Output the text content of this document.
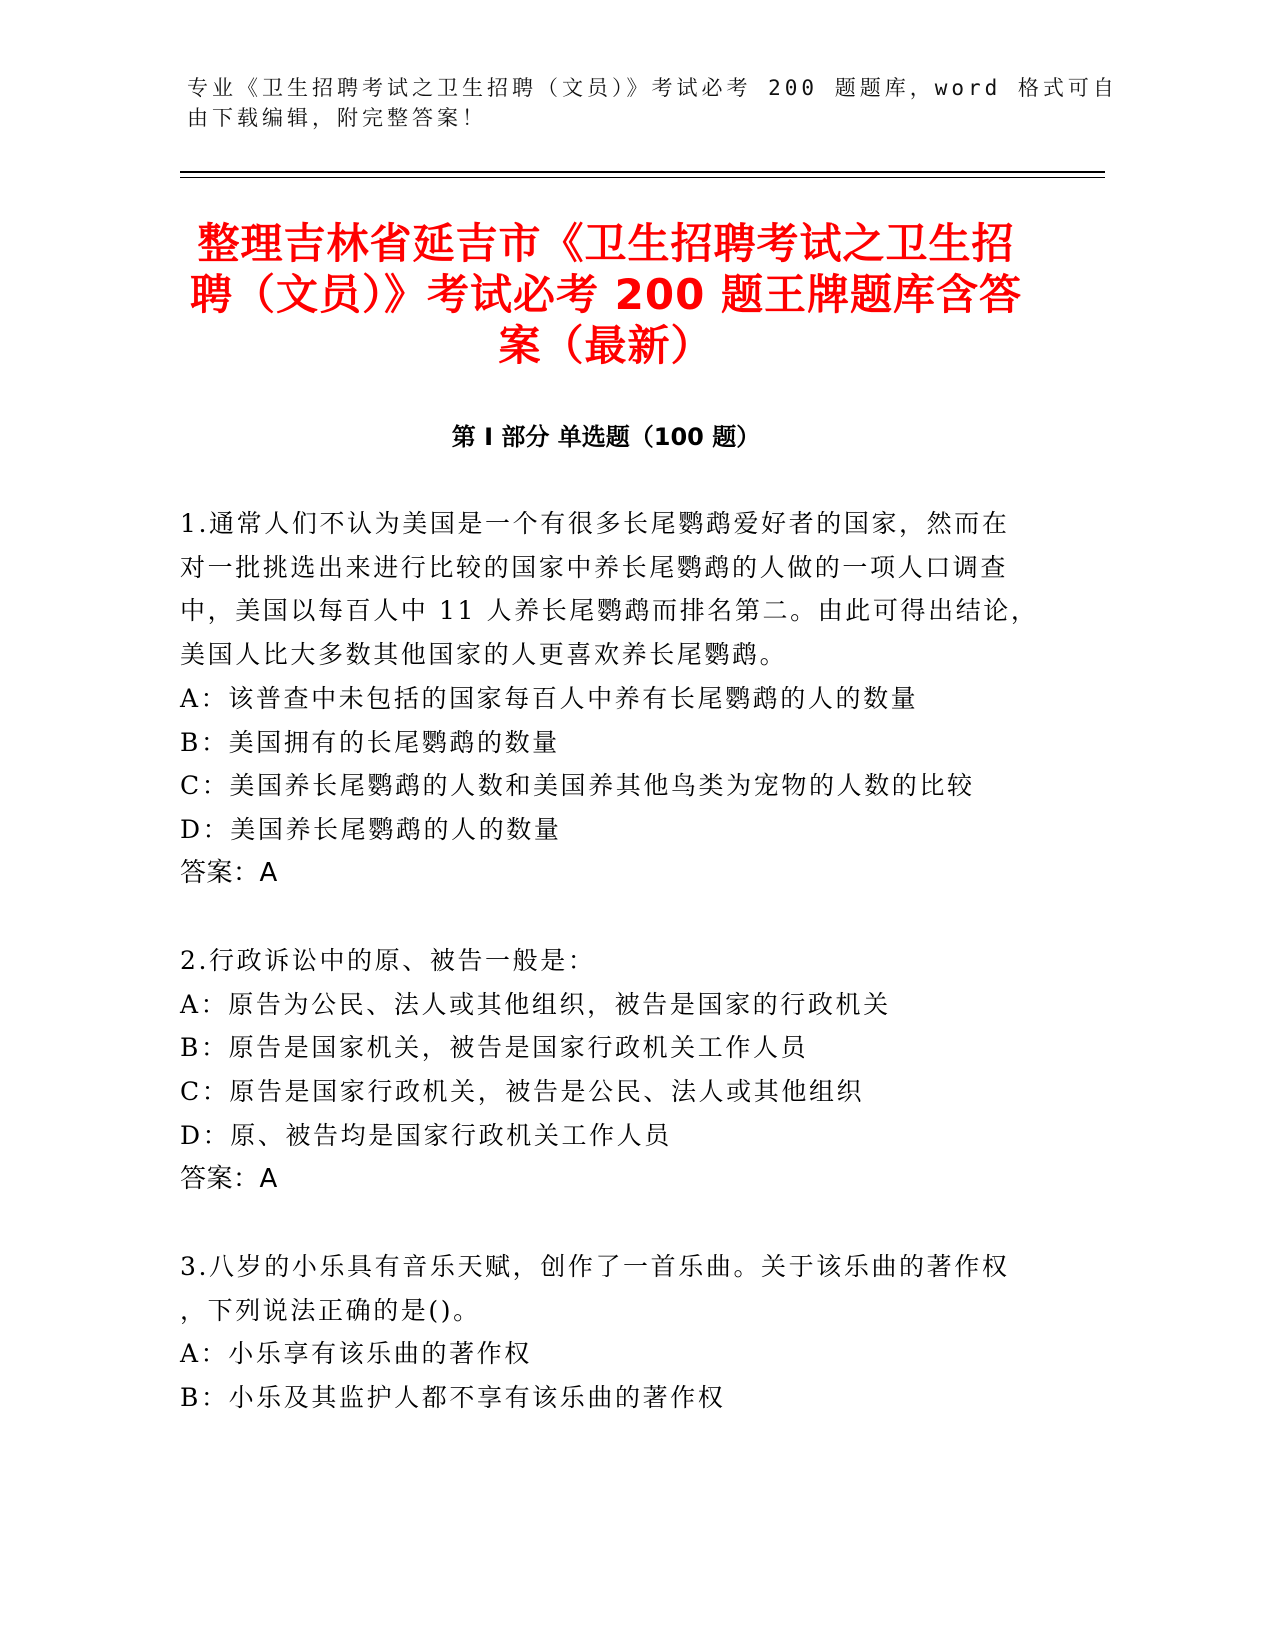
专业《卫生招聘考试之卫生招聘（文员）》考试必考 200 题题库，word 格式可自
由下载编辑，附完整答案！
整理吉林省延吉市《卫生招聘考试之卫生招
聘（文员）》考试必考 200 题王牌题库含答
案（最新）
第 I 部分 单选题（100 题）
1.通常人们不认为美国是一个有很多长尾鹦鹉爱好者的国家，然而在
对一批挑选出来进行比较的国家中养长尾鹦鹉的人做的一项人口调查
中，美国以每百人中 11 人养长尾鹦鹉而排名第二。由此可得出结论，
美国人比大多数其他国家的人更喜欢养长尾鹦鹉。
A：该普查中未包括的国家每百人中养有长尾鹦鹉的人的数量
B：美国拥有的长尾鹦鹉的数量
C：美国养长尾鹦鹉的人数和美国养其他鸟类为宠物的人数的比较
D：美国养长尾鹦鹉的人的数量
答案：A
2.行政诉讼中的原、被告一般是：
A：原告为公民、法人或其他组织，被告是国家的行政机关
B：原告是国家机关，被告是国家行政机关工作人员
C：原告是国家行政机关，被告是公民、法人或其他组织
D：原、被告均是国家行政机关工作人员
答案：A
3.八岁的小乐具有音乐天赋，创作了一首乐曲。关于该乐曲的著作权
，下列说法正确的是()。
A：小乐享有该乐曲的著作权
B：小乐及其监护人都不享有该乐曲的著作权
